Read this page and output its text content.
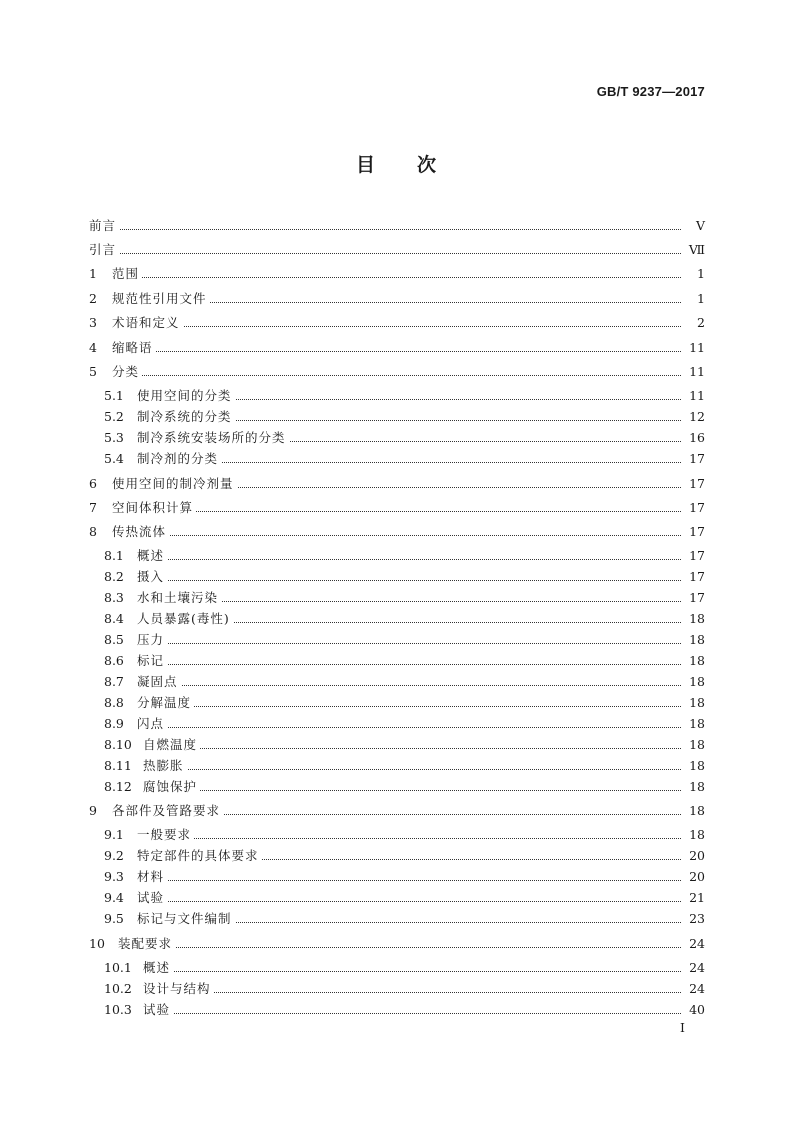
GB/T 9237—2017
目 次
前言	Ⅴ
引言	Ⅶ
1 范围	1
2 规范性引用文件	1
3 术语和定义	2
4 缩略语	11
5 分类	11
5.1 使用空间的分类	11
5.2 制冷系统的分类	12
5.3 制冷系统安装场所的分类	16
5.4 制冷剂的分类	17
6 使用空间的制冷剂量	17
7 空间体积计算	17
8 传热流体	17
8.1 概述	17
8.2 摄入	17
8.3 水和土壤污染	17
8.4 人员暴露(毒性)	18
8.5 压力	18
8.6 标记	18
8.7 凝固点	18
8.8 分解温度	18
8.9 闪点	18
8.10 自燃温度	18
8.11 热膨胀	18
8.12 腐蚀保护	18
9 各部件及管路要求	18
9.1 一般要求	18
9.2 特定部件的具体要求	20
9.3 材料	20
9.4 试验	21
9.5 标记与文件编制	23
10 装配要求	24
10.1 概述	24
10.2 设计与结构	24
10.3 试验	40
Ⅰ
